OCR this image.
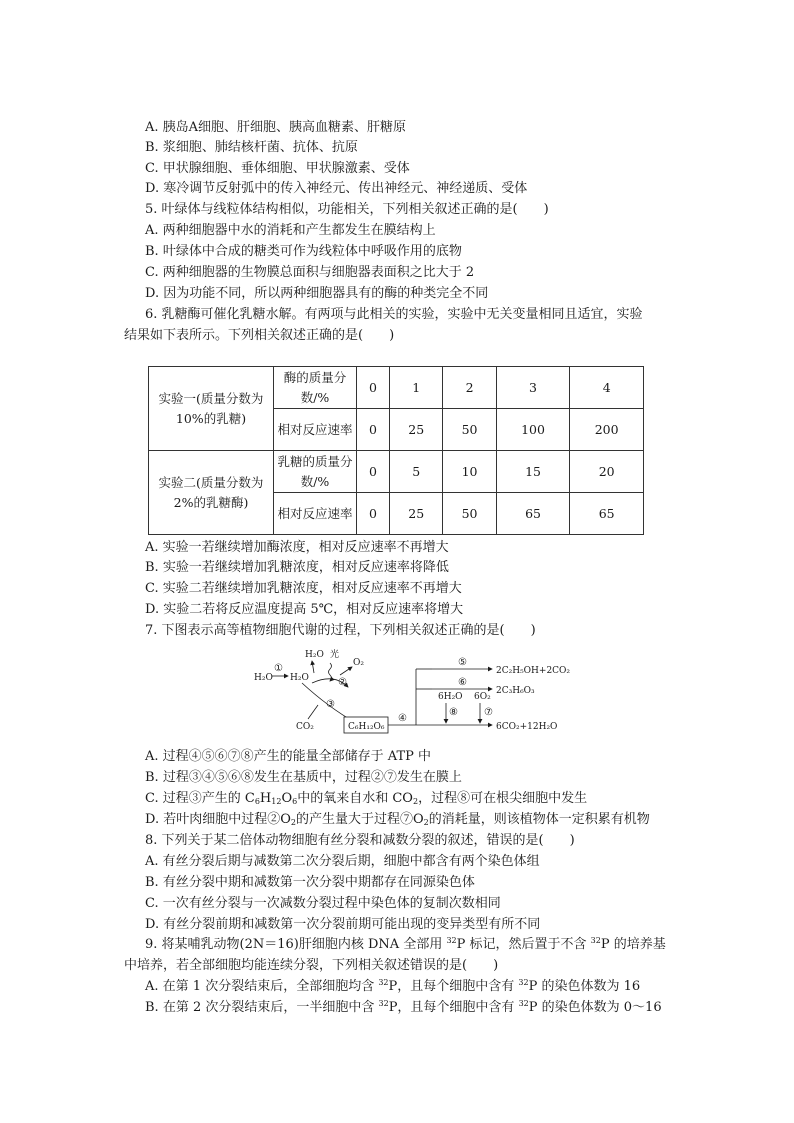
A. 胰岛A细胞、肝细胞、胰高血糖素、肝糖原
B. 浆细胞、肺结核杆菌、抗体、抗原
C. 甲状腺细胞、垂体细胞、甲状腺激素、受体
D. 寒冷调节反射弧中的传入神经元、传出神经元、神经递质、受体
5. 叶绿体与线粒体结构相似，功能相关，下列相关叙述正确的是(　　)
A. 两种细胞器中水的消耗和产生都发生在膜结构上
B. 叶绿体中合成的糖类可作为线粒体中呼吸作用的底物
C. 两种细胞器的生物膜总面积与细胞器表面积之比大于 2
D. 因为功能不同，所以两种细胞器具有的酶的种类完全不同
6. 乳糖酶可催化乳糖水解。有两项与此相关的实验，实验中无关变量相同且适宜，实验
结果如下表所示。下列相关叙述正确的是(　　)
实验一(质量分数为 10%的乳糖)	酶的质量分数/%	0	1	2	3	4
	相对反应速率	0	25	50	100	200
实验二(质量分数为 2%的乳糖酶)	乳糖的质量分数/%	0	5	10	15	20
	相对反应速率	0	25	50	65	65
A. 实验一若继续增加酶浓度，相对反应速率不再增大
B. 实验一若继续增加乳糖浓度，相对反应速率将降低
C. 实验二若继续增加乳糖浓度，相对反应速率不再增大
D. 实验二若将反应温度提高 5℃，相对反应速率将增大
7. 下图表示高等植物细胞代谢的过程，下列相关叙述正确的是(　　)
H₂O
①
H₂O
H₂O 光
②
O₂
③
CO₂	C₆H₁₂O₆
④
⑤
2C₂H₅OH+2CO₂
⑥
2C₃H₆O₃
6CO₂+12H₂O
6H₂O
⑧
6O₂
⑦
A. 过程④⑤⑥⑦⑧产生的能量全部储存于 ATP 中
B. 过程③④⑤⑥⑧发生在基质中，过程②⑦发生在膜上
C. 过程③产生的 $C_6H_{12}O_6$中的氧来自水和 $CO_2$，过程⑧可在根尖细胞中发生
D. 若叶肉细胞中过程$②O_2$的产生量大于过程$⑦O_2$的消耗量，则该植物体一定积累有机物
8. 下列关于某二倍体动物细胞有丝分裂和减数分裂的叙述，错误的是(　　)
A. 有丝分裂后期与减数第二次分裂后期，细胞中都含有两个染色体组
B. 有丝分裂中期和减数第一次分裂中期都存在同源染色体
C. 一次有丝分裂与一次减数分裂过程中染色体的复制次数相同
D. 有丝分裂前期和减数第一次分裂前期可能出现的变异类型有所不同
9. 将某哺乳动物(2N＝16)肝细胞内核 DNA 全部用 $^{32}$P 标记，然后置于不含 $^{32}$P 的培养基
中培养，若全部细胞均能连续分裂，下列相关叙述错误的是(　　)
A. 在第 1 次分裂结束后，全部细胞均含 $^{32}$P，且每个细胞中含有 $^{32}$P 的染色体数为 16
B. 在第 2 次分裂结束后，一半细胞中含 $^{32}$P，且每个细胞中含有 $^{32}$P 的染色体数为 0～16
